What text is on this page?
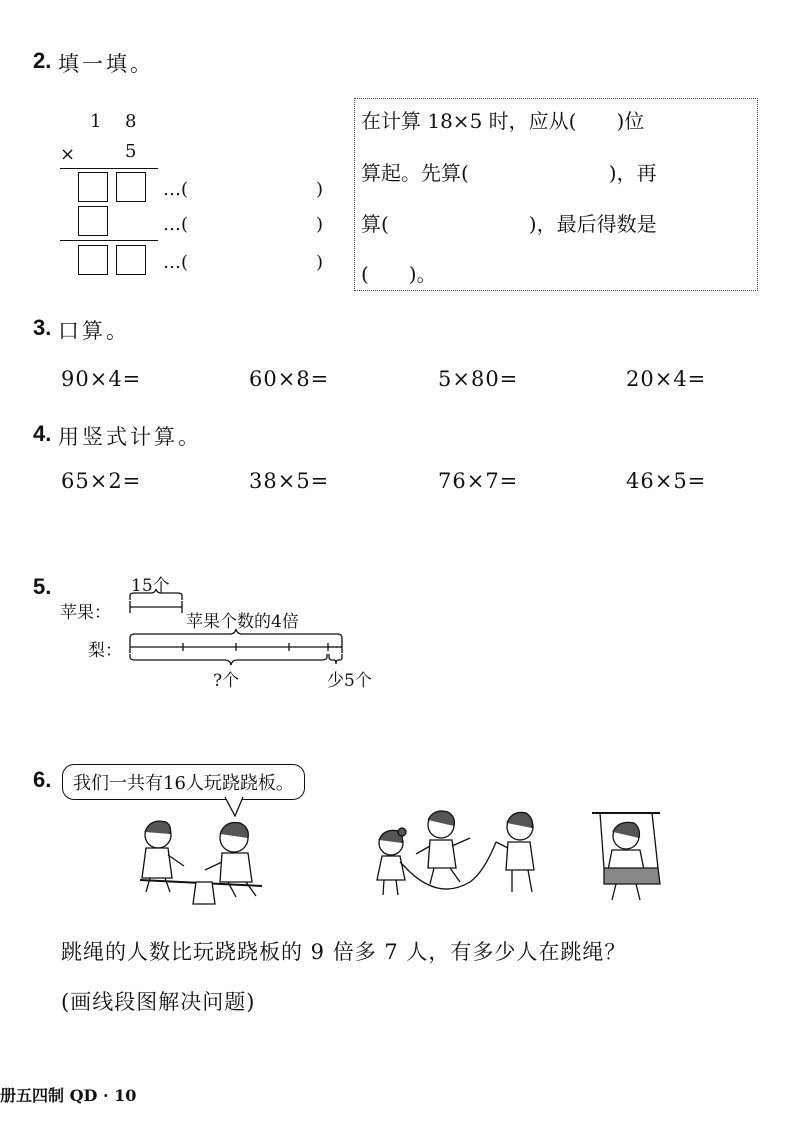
2. 填一填。
1 8
×	5
…(	)
…(	)
…(	)
在计算 18×5 时，应从(　　)位
算起。先算(　　　　　　　)，再
算(　　　　　　　)，最后得数是
(　　)。
3. 口算。
90×4=	60×8=	5×80=	20×4=
4. 用竖式计算。
65×2=	38×5=	76×7=	46×5=
5.	15个
苹果：	苹果个数的4倍
梨：
?个	少5个
6.	我们一共有16人玩跷跷板。
跳绳的人数比玩跷跷板的 9 倍多 7 人，有多少人在跳绳？
(画线段图解决问题)
册五四制 QD · 10
